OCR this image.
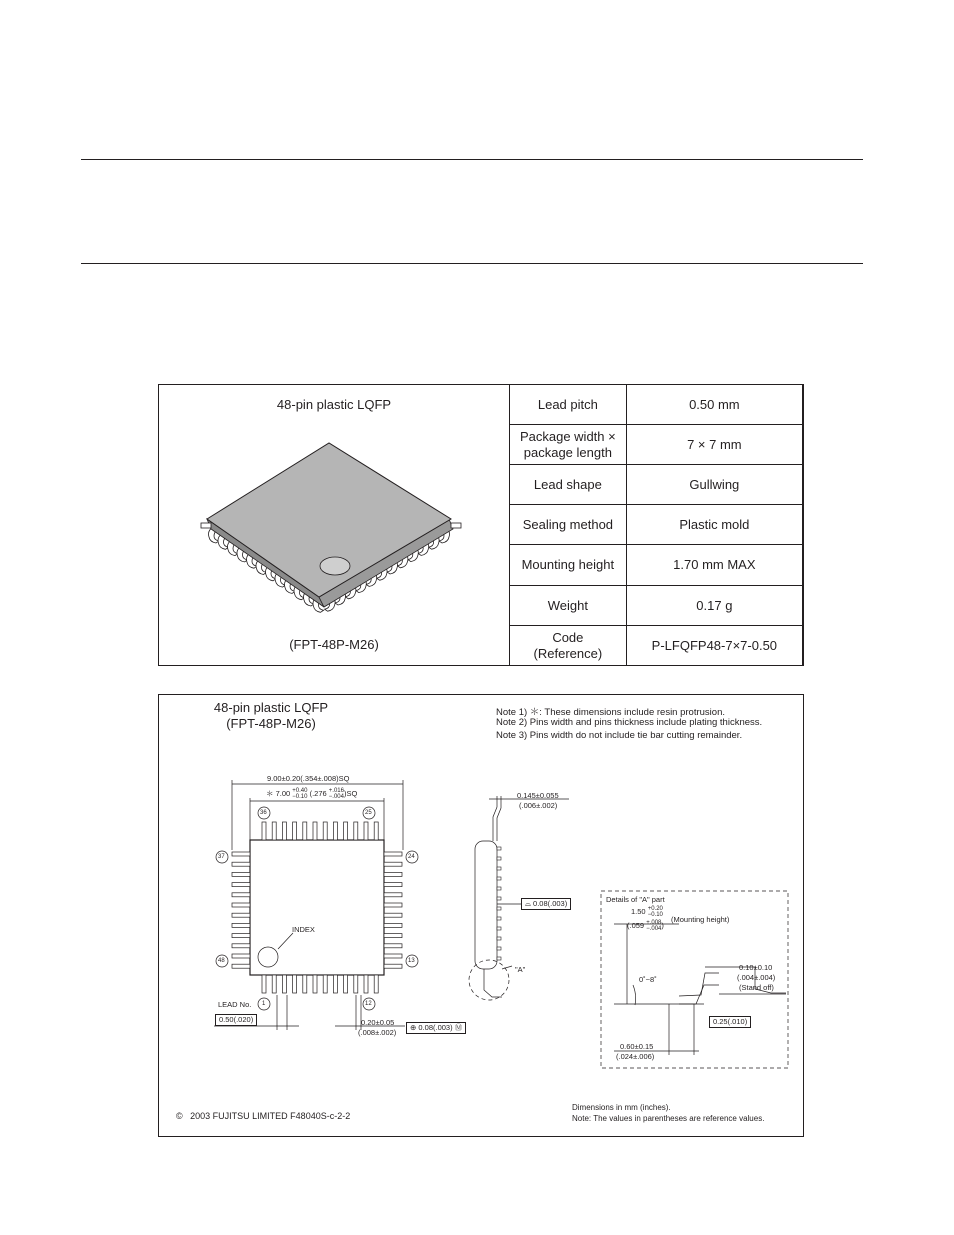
48-pin plastic LQFP
(FPT-48P-M26)
Lead pitch	0.50 mm

Package width ×
package length	7 × 7 mm
Lead shape	Gullwing
Sealing method	Plastic mold
Mounting height	1.70 mm MAX
Weight	0.17 g

Code
(Reference)	P-LFQFP48-7×7-0.50
48-pin plastic LQFP
(FPT-48P-M26)
Note 1) ＊: These dimensions include resin protrusion.
Note 2) Pins width and pins thickness include plating thickness.
Note 3) Pins width do not include tie bar cutting remainder.
9.00±0.20(.354±.008)SQ
＊ 7.00 +0.40
−0.10 (.276 +.016
−.004 )SQ
36	25
37	24
48	13
1	12
INDEX
LEAD No.
0.50(.020)	0.20±0.05
(.008±.002)
⊕ 0.08(.003) Ⓜ
0.145±0.055
(.006±.002)
⌓ 0.08(.003)
"A"
Details of "A" part
1.50 +0.20
−0.10
(.059 +.008
−.004 )
(Mounting height)
0˚~8˚
0.10±0.10
(.004±.004)
(Stand off)
0.25(.010)
0.60±0.15
(.024±.006)
© 2003 FUJITSU LIMITED F48040S-c-2-2
Dimensions in mm (inches).
Note: The values in parentheses are reference values.
